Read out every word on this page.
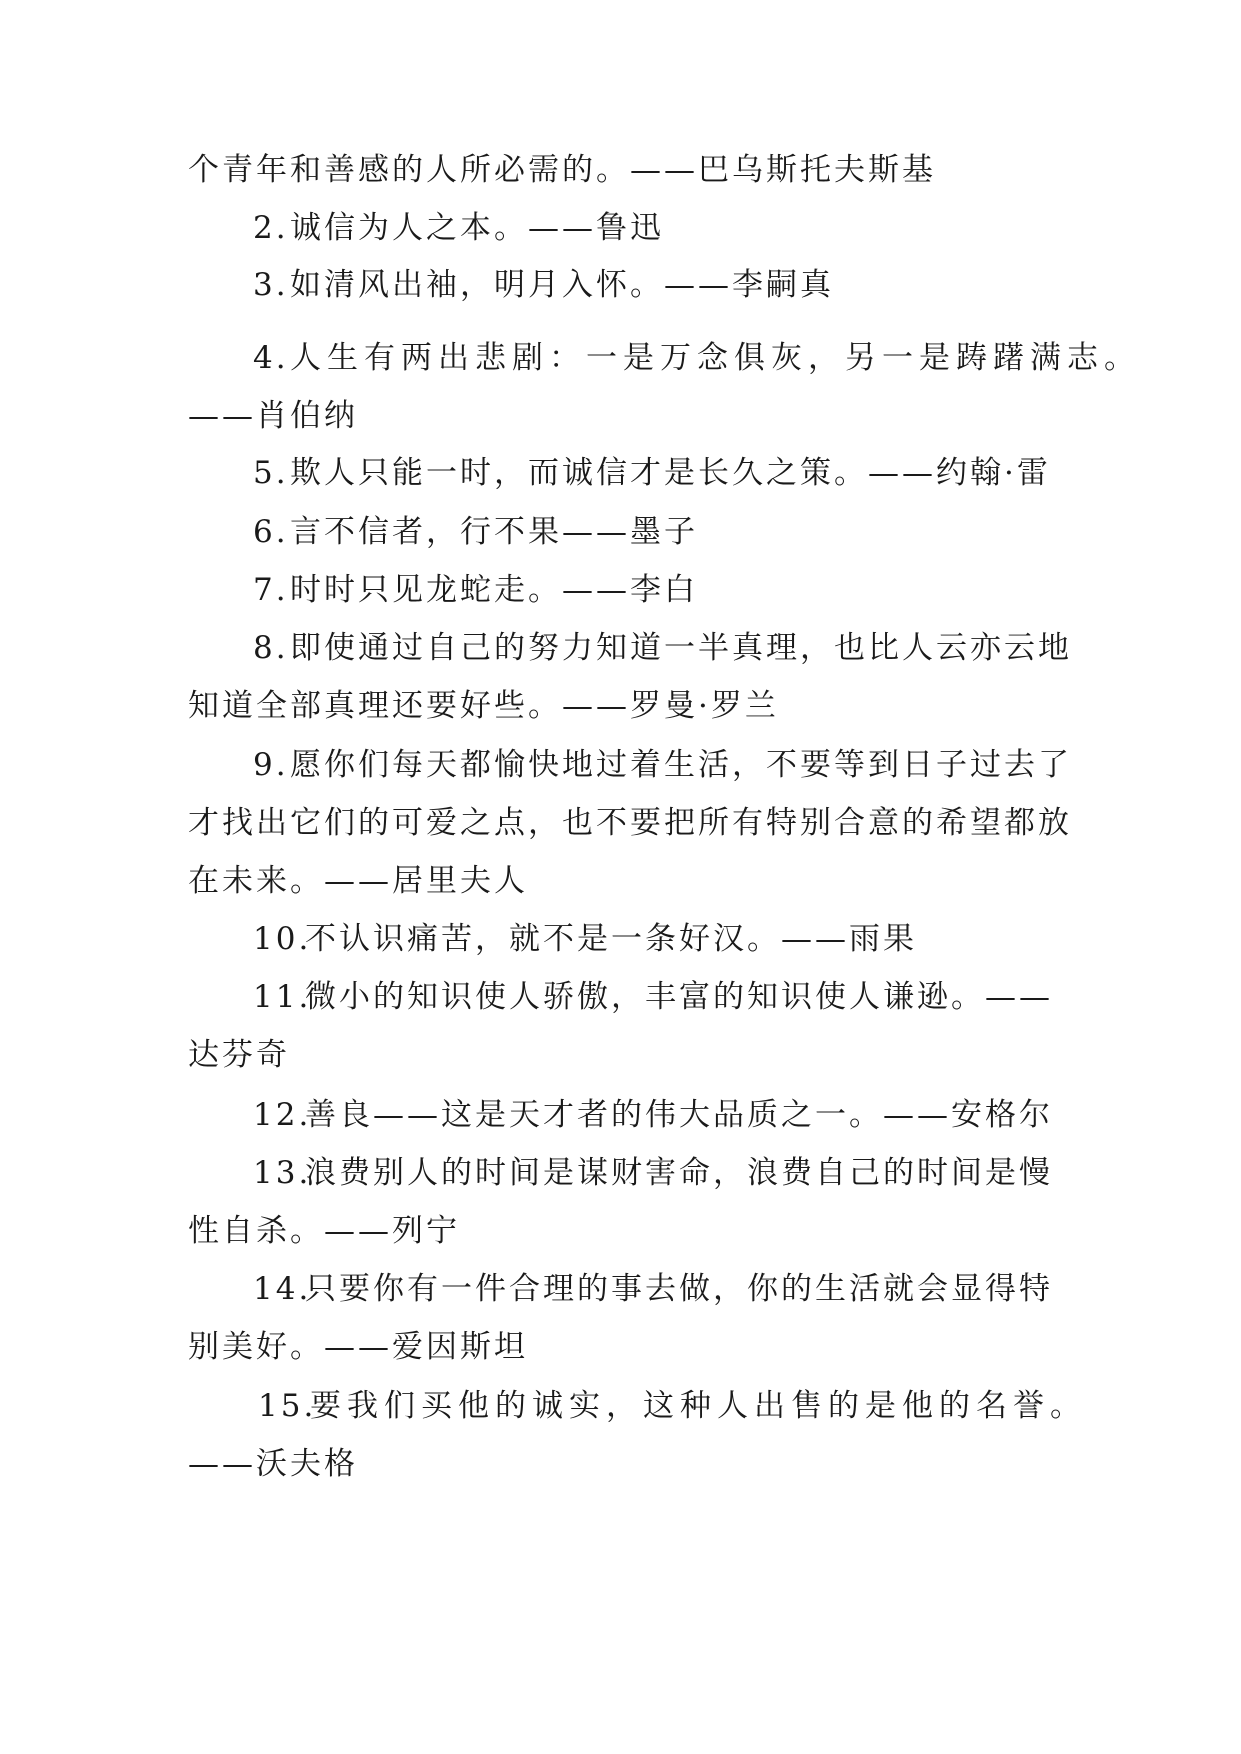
个青年和善感的人所必需的。——巴乌斯托夫斯基
2. 诚信为人之本。——鲁迅
3. 如清风出袖，明月入怀。——李嗣真
4. 人生有两出悲剧：一是万念俱灰，另一是踌躇满志。
——肖伯纳
5. 欺人只能一时，而诚信才是长久之策。——约翰·雷
6. 言不信者，行不果——墨子
7. 时时只见龙蛇走。——李白
8. 即使通过自己的努力知道一半真理，也比人云亦云地
知道全部真理还要好些。——罗曼·罗兰
9. 愿你们每天都愉快地过着生活，不要等到日子过去了
才找出它们的可爱之点，也不要把所有特别合意的希望都放
在未来。——居里夫人
10.
不认识痛苦，就不是一条好汉。——雨果
11.
微小的知识使人骄傲，丰富的知识使人谦逊。——
达芬奇
12.
善良——这是天才者的伟大品质之一。——安格尔
13.
浪费别人的时间是谋财害命，浪费自己的时间是慢
性自杀。——列宁
14.
只要你有一件合理的事去做，你的生活就会显得特
别美好。——爱因斯坦
15.
要我们买他的诚实，这种人出售的是他的名誉。
——沃夫格
